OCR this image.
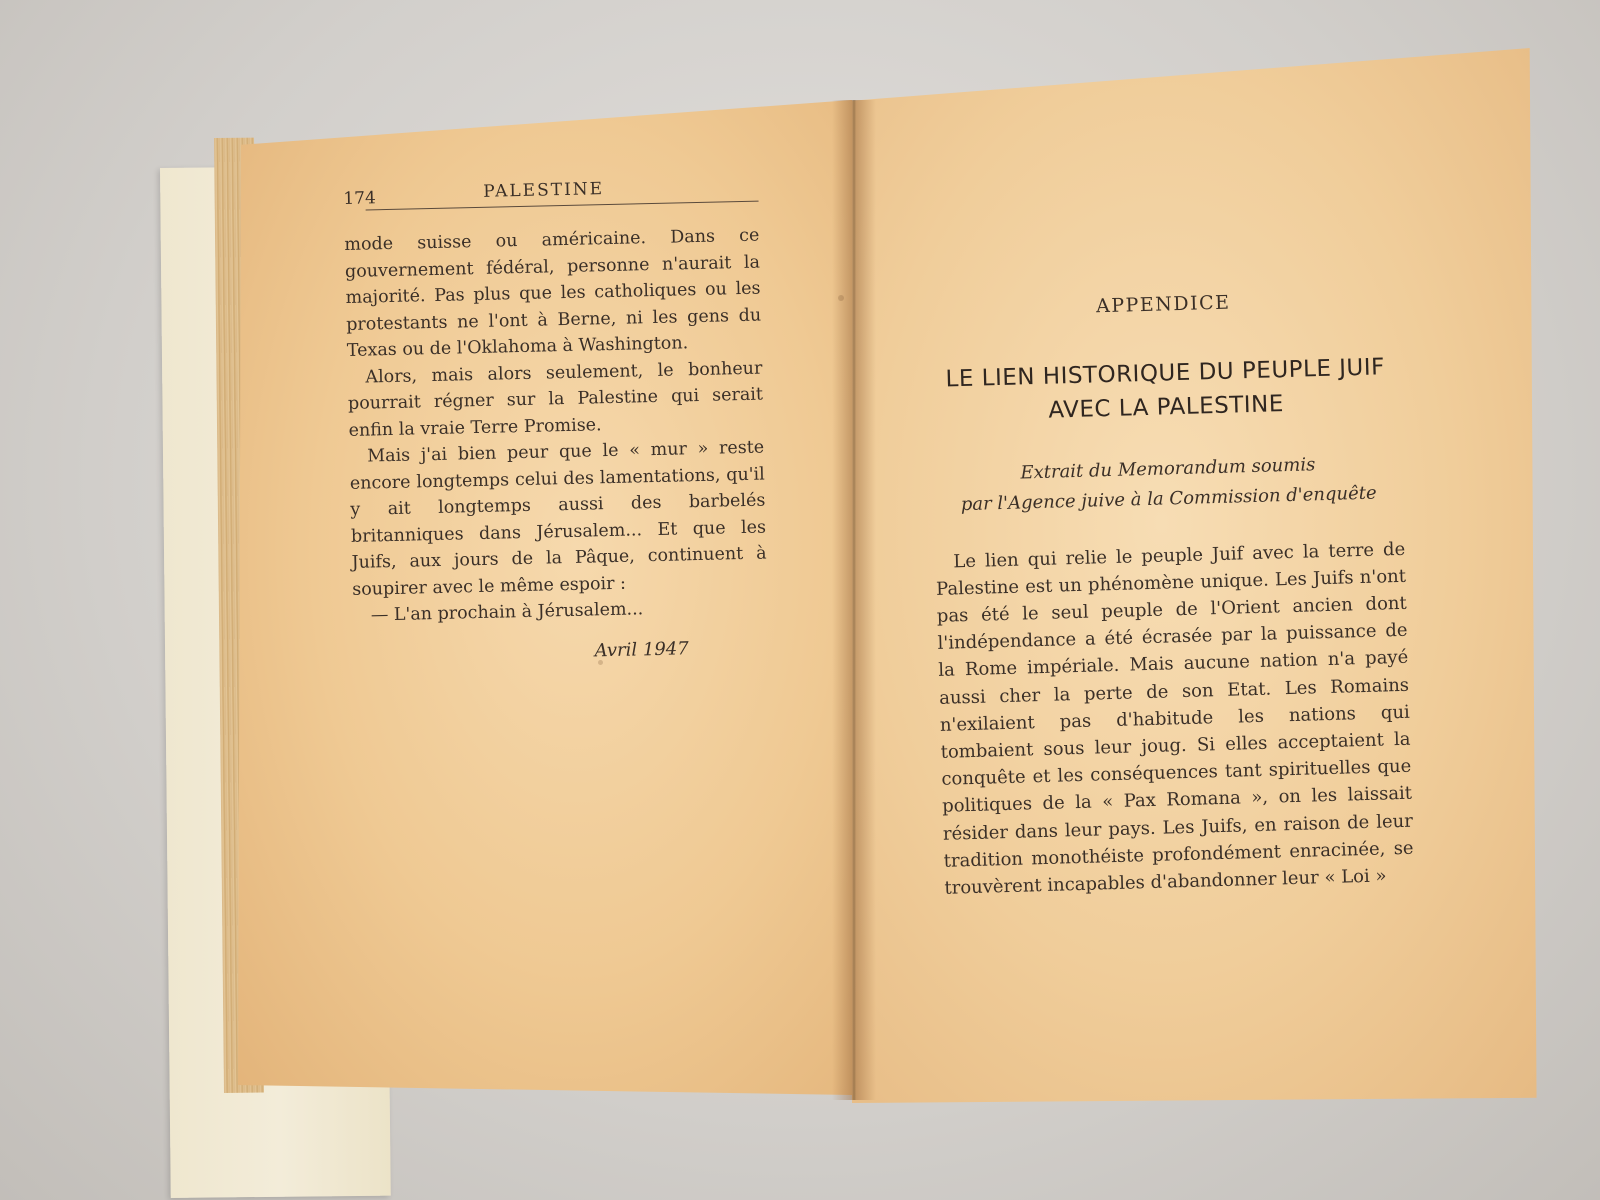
174	PALESTINE

mode suisse ou américaine. Dans ce gouvernement fédéral, personne n'aurait la majorité. Pas plus que les catholiques ou les protestants ne l'ont à Berne, ni les gens du Texas ou de l'Oklahoma à Washington.

Alors, mais alors seulement, le bonheur pourrait régner sur la Palestine qui serait enfin la vraie Terre Promise.

Mais j'ai bien peur que le « mur » reste encore longtemps celui des lamentations, qu'il y ait longtemps aussi des barbelés britanniques dans Jérusalem... Et que les Juifs, aux jours de la Pâque, continuent à soupirer avec le même espoir :

— L'an prochain à Jérusalem...

Avril 1947
APPENDICE
LE LIEN HISTORIQUE DU PEUPLE JUIF
AVEC LA PALESTINE
Extrait du Memorandum soumis
par l'Agence juive à la Commission d'enquête

Le lien qui relie le peuple Juif avec la terre de Palestine est un phénomène unique. Les Juifs n'ont pas été le seul peuple de l'Orient ancien dont l'indépendance a été écrasée par la puissance de la Rome impériale. Mais aucune nation n'a payé aussi cher la perte de son Etat. Les Romains n'exilaient pas d'habitude les nations qui tombaient sous leur joug. Si elles acceptaient la conquête et les conséquences tant spirituelles que politiques de la « Pax Romana », on les laissait résider dans leur pays. Les Juifs, en raison de leur tradition monothéiste profondément enracinée, se trouvèrent incapables d'abandonner leur « Loi »
